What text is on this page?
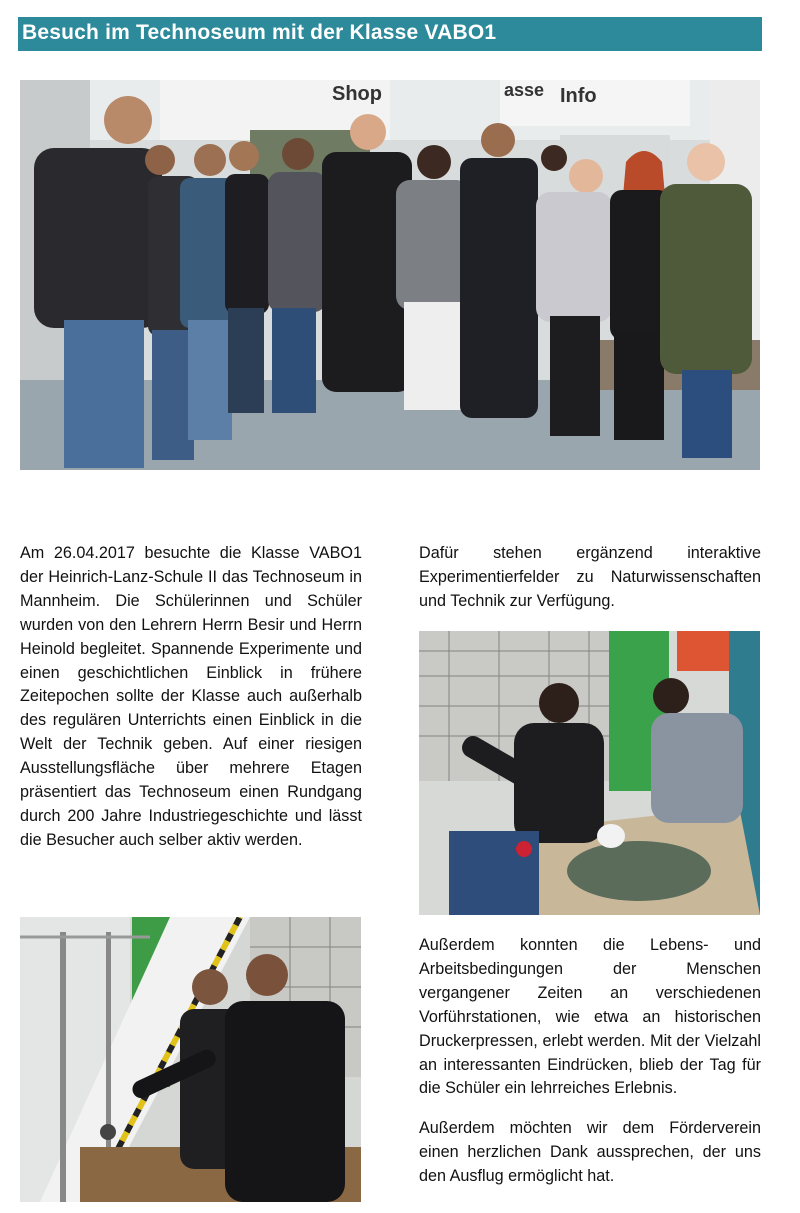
Besuch im Technoseum mit der Klasse VABO1
Shop	asse Info

Am 26.04.2017 besuchte die Klasse VABO1 der Heinrich-Lanz-Schule II das Technoseum in Mannheim. Die Schülerinnen und Schüler wurden von den Lehrern Herrn Besir und Herrn Heinold begleitet. Spannende Experimente und einen geschichtlichen Einblick in frühere Zeitepochen sollte der Klasse auch außerhalb des regulären Unterrichts einen Einblick in die Welt der Technik geben. Auf einer riesigen Ausstellungsfläche über mehrere Etagen präsentiert das Technoseum einen Rundgang durch 200 Jahre Industriegeschichte und lässt die Besucher auch selber aktiv werden.

Dafür stehen ergänzend interaktive Experimentierfelder zu Naturwissenschaften und Technik zur Verfügung.

Außerdem konnten die Lebens- und Arbeitsbedingungen der Menschen vergangener Zeiten an verschiedenen Vorführstationen, wie etwa an historischen Druckerpressen, erlebt werden. Mit der Vielzahl an interessanten Eindrücken, blieb der Tag für die Schüler ein lehrreiches Erlebnis.

Außerdem möchten wir dem Förderverein einen herzlichen Dank aussprechen, der uns den Ausflug ermöglicht hat.
